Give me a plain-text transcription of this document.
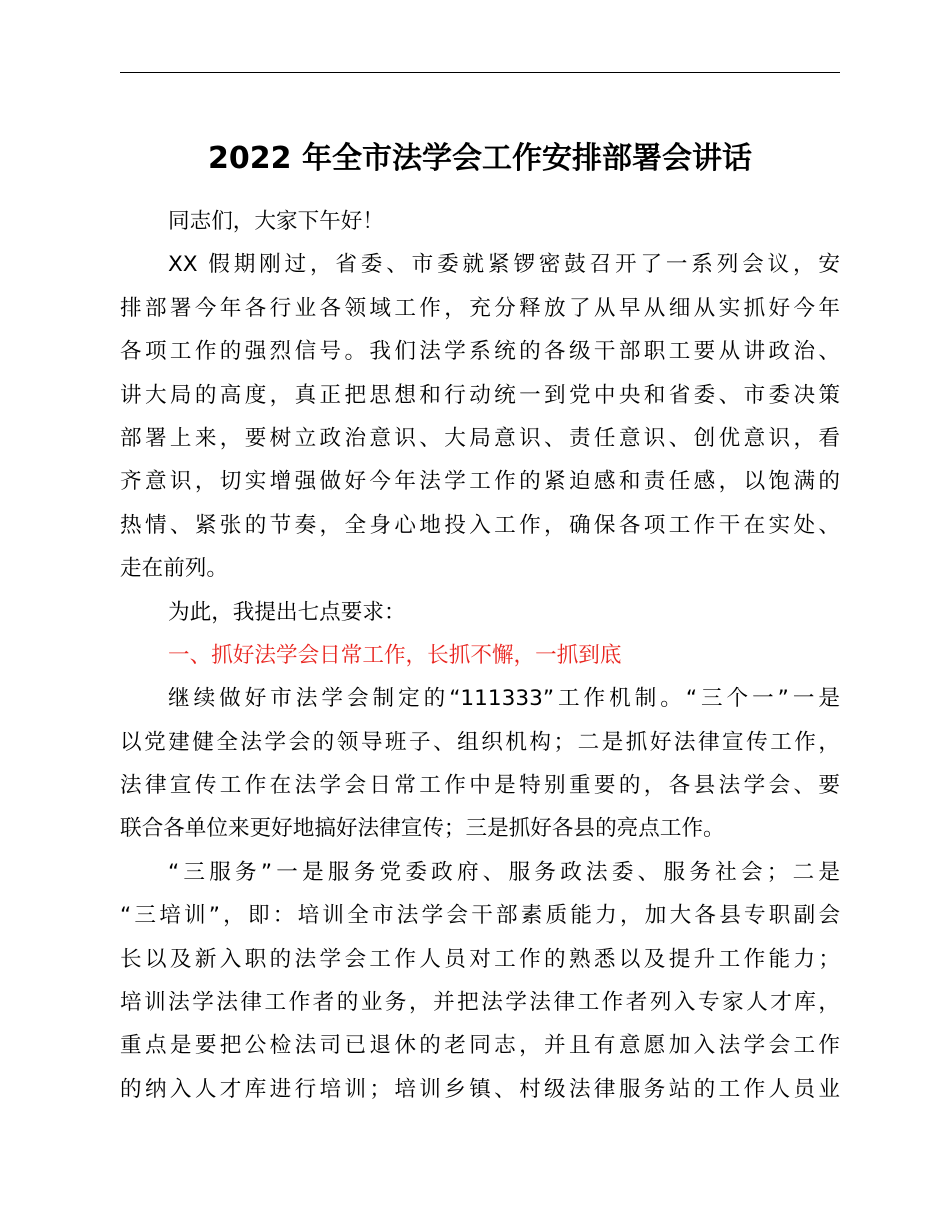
2022 年全市法学会工作安排部署会讲话
同志们，大家下午好！
XX 假期刚过，省委、市委就紧锣密鼓召开了一系列会议，安
排部署今年各行业各领域工作，充分释放了从早从细从实抓好今年
各项工作的强烈信号。我们法学系统的各级干部职工要从讲政治、
讲大局的高度，真正把思想和行动统一到党中央和省委、市委决策
部署上来，要树立政治意识、大局意识、责任意识、创优意识，看
齐意识，切实增强做好今年法学工作的紧迫感和责任感，以饱满的
热情、紧张的节奏，全身心地投入工作，确保各项工作干在实处、
走在前列。
为此，我提出七点要求：
一、抓好法学会日常工作，长抓不懈，一抓到底
继续做好市法学会制定的“111333”工作机制。“三个一”一是
以党建健全法学会的领导班子、组织机构；二是抓好法律宣传工作，
法律宣传工作在法学会日常工作中是特别重要的，各县法学会、要
联合各单位来更好地搞好法律宣传；三是抓好各县的亮点工作。
“三服务”一是服务党委政府、服务政法委、服务社会；二是
“三培训”，即：培训全市法学会干部素质能力，加大各县专职副会
长以及新入职的法学会工作人员对工作的熟悉以及提升工作能力；
培训法学法律工作者的业务，并把法学法律工作者列入专家人才库，
重点是要把公检法司已退休的老同志，并且有意愿加入法学会工作
的纳入人才库进行培训；培训乡镇、村级法律服务站的工作人员业
